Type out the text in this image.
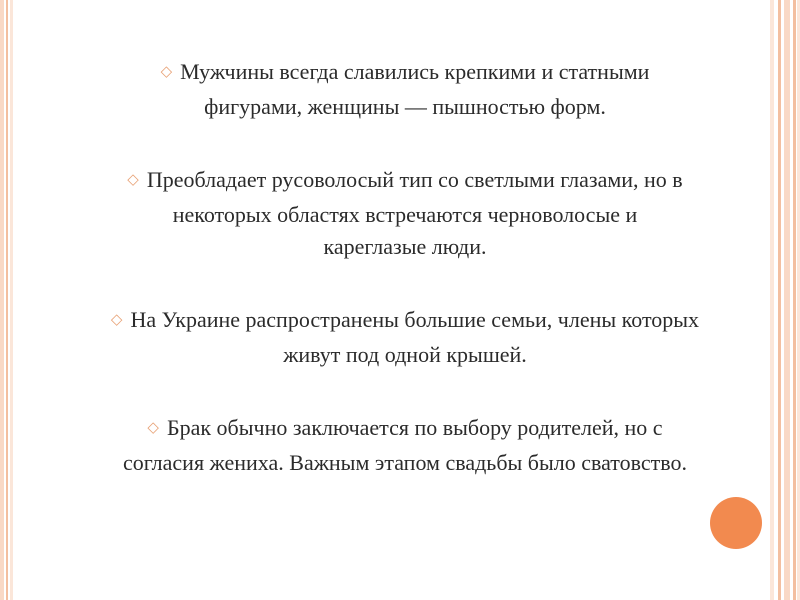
◇ Мужчины всегда славились крепкими и статными
фигурами, женщины — пышностью форм.
◇ Преобладает русоволосый тип со светлыми глазами, но в
некоторых областях встречаются черноволосые и
кареглазые люди.
◇ На Украине распространены большие семьи, члены которых
живут под одной крышей.
◇ Брак обычно заключается по выбору родителей, но с
согласия жениха. Важным этапом свадьбы было сватовство.
